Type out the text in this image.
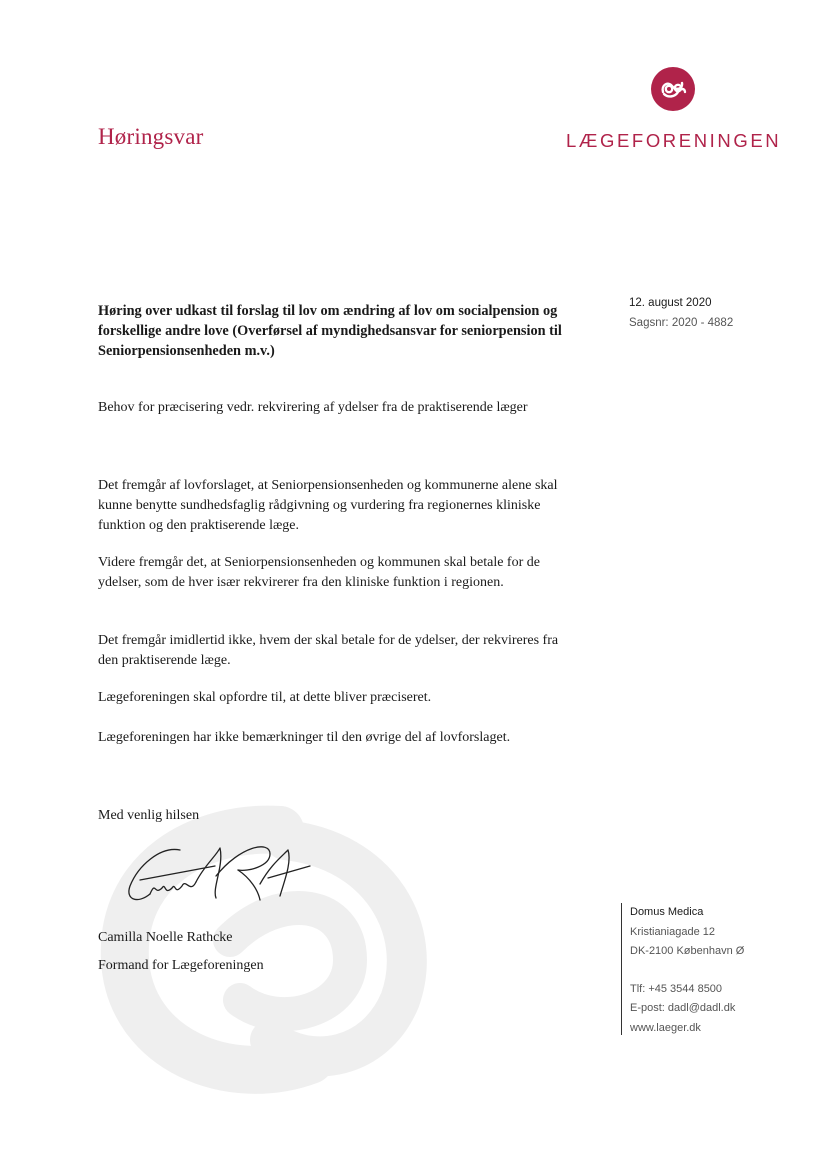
Høringsvar	LÆGEFORENINGEN
12. august 2020
Sagsnr: 2020 - 4882
Høring over udkast til forslag til lov om ændring af lov om socialpension og forskellige andre love (Overførsel af myndighedsansvar for seniorpension til Seniorpensionsenheden m.v.)

Behov for præcisering vedr. rekvirering af ydelser fra de praktiserende læger

Det fremgår af lovforslaget, at Seniorpensionsenheden og kommunerne alene skal kunne benytte sundhedsfaglig rådgivning og vurdering fra regionernes kliniske funktion og den praktiserende læge.

Videre fremgår det, at Seniorpensionsenheden og kommunen skal betale for de ydelser, som de hver især rekvirerer fra den kliniske funktion i regionen.

Det fremgår imidlertid ikke, hvem der skal betale for de ydelser, der rekvireres fra den praktiserende læge.

Lægeforeningen skal opfordre til, at dette bliver præciseret.

Lægeforeningen har ikke bemærkninger til den øvrige del af lovforslaget.

Med venlig hilsen

Camilla Noelle Rathcke

Formand for Lægeforeningen

Domus Medica
Kristianiagade 12
DK-2100 København Ø
Tlf: +45 3544 8500
E-post: dadl@dadl.dk
www.laeger.dk
